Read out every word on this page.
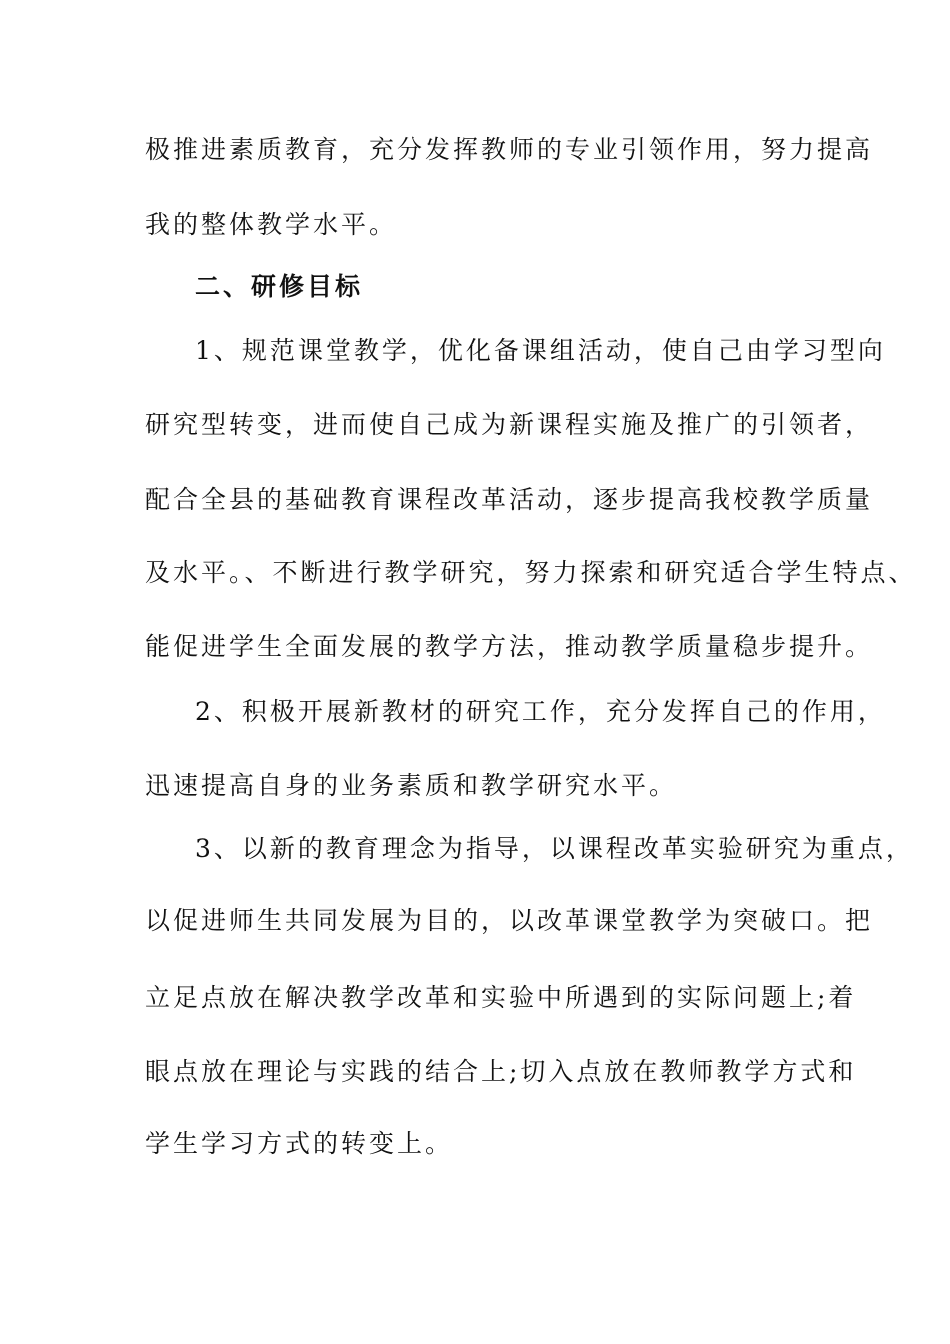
极推进素质教育，充分发挥教师的专业引领作用，努力提高
我的整体教学水平。
二、研修目标
1、规范课堂教学，优化备课组活动，使自己由学习型向
研究型转变，进而使自己成为新课程实施及推广的引领者，
配合全县的基础教育课程改革活动，逐步提高我校教学质量
及水平。、不断进行教学研究，努力探索和研究适合学生特点、
能促进学生全面发展的教学方法，推动教学质量稳步提升。
2、积极开展新教材的研究工作，充分发挥自己的作用，
迅速提高自身的业务素质和教学研究水平。
3、以新的教育理念为指导，以课程改革实验研究为重点，
以促进师生共同发展为目的，以改革课堂教学为突破口。把
立足点放在解决教学改革和实验中所遇到的实际问题上;着
眼点放在理论与实践的结合上;切入点放在教师教学方式和
学生学习方式的转变上。
